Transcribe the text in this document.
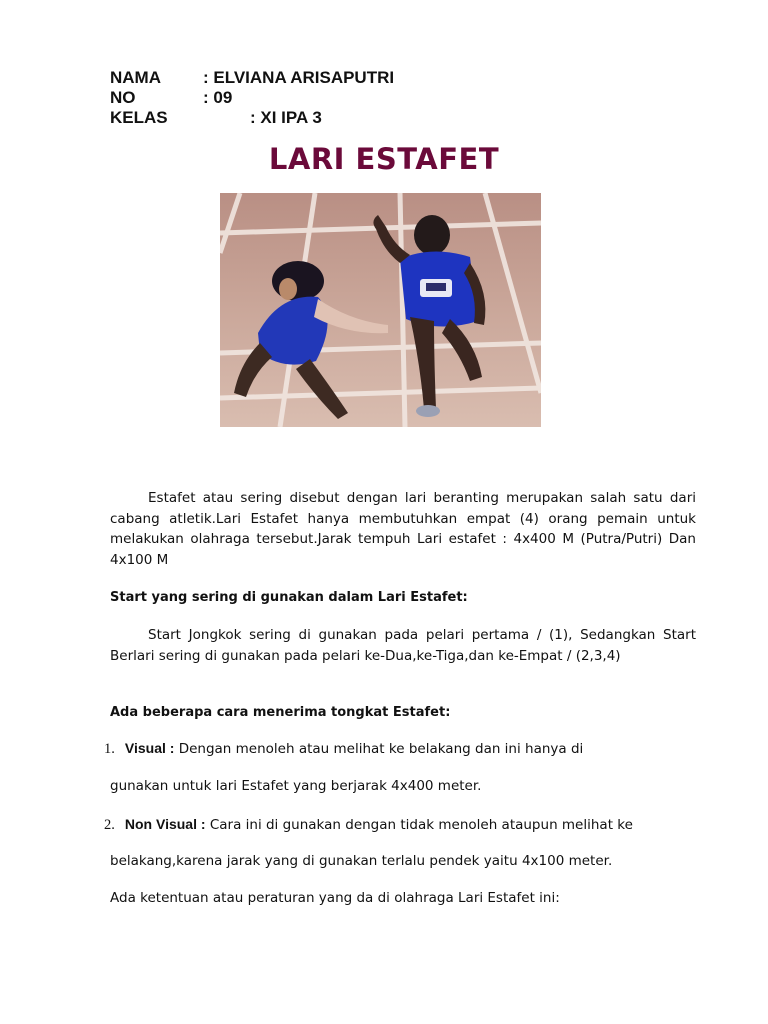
NAMA : ELVIANA ARISAPUTRI
NO	: 09
KELAS	: XI IPA 3
LARI ESTAFET
Estafet atau sering disebut dengan lari beranting merupakan salah satu dari cabang atletik.Lari Estafet hanya membutuhkan empat (4) orang pemain untuk melakukan olahraga tersebut.Jarak tempuh Lari estafet : 4x400 M (Putra/Putri) Dan 4x100 M
Start yang sering di gunakan dalam Lari Estafet:
Start Jongkok sering di gunakan pada pelari pertama / (1), Sedangkan Start Berlari sering di gunakan pada pelari ke-Dua,ke-Tiga,dan ke-Empat / (2,3,4)
Ada beberapa cara menerima tongkat Estafet:
1. Visual : Dengan menoleh atau melihat ke belakang dan ini hanya di
gunakan untuk lari Estafet yang berjarak 4x400 meter.
2. Non Visual : Cara ini di gunakan dengan tidak menoleh ataupun melihat ke
belakang,karena jarak yang di gunakan terlalu pendek yaitu 4x100 meter.
Ada ketentuan atau peraturan yang da di olahraga Lari Estafet ini:
